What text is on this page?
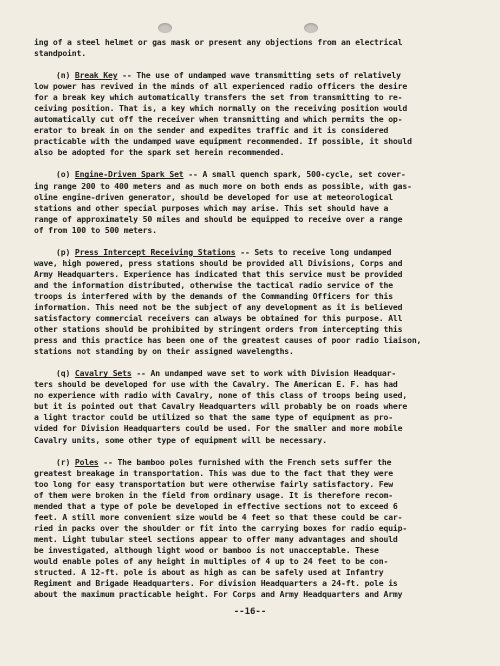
ing of a steel helmet or gas mask or present any objections from an electrical
standpoint.
(n) Break Key -- The use of undamped wave transmitting sets of relatively
low power has revived in the minds of all experienced radio officers the desire
for a break key which automatically transfers the set from transmitting to re-
ceiving position. That is, a key which normally on the receiving position would
automatically cut off the receiver when transmitting and which permits the op-
erator to break in on the sender and expedites traffic and it is considered
practicable with the undamped wave equipment recommended. If possible, it should
also be adopted for the spark set herein recommended.
(o) Engine-Driven Spark Set -- A small quench spark, 500-cycle, set cover-
ing range 200 to 400 meters and as much more on both ends as possible, with gas-
oline engine-driven generator, should be developed for use at meteorological
stations and other special purposes which may arise. This set should have a
range of approximately 50 miles and should be equipped to receive over a range
of from 100 to 500 meters.
(p) Press Intercept Receiving Stations -- Sets to receive long undamped
wave, high powered, press stations should be provided all Divisions, Corps and
Army Headquarters. Experience has indicated that this service must be provided
and the information distributed, otherwise the tactical radio service of the
troops is interfered with by the demands of the Commanding Officers for this
information. This need not be the subject of any development as it is believed
satisfactory commercial receivers can always be obtained for this purpose. All
other stations should be prohibited by stringent orders from intercepting this
press and this practice has been one of the greatest causes of poor radio liaison,
stations not standing by on their assigned wavelengths.
(q) Cavalry Sets -- An undamped wave set to work with Division Headquar-
ters should be developed for use with the Cavalry. The American E. F. has had
no experience with radio with Cavalry, none of this class of troops being used,
but it is pointed out that Cavalry Headquarters will probably be on roads where
a light tractor could be utilized so that the same type of equipment as pro-
vided for Division Headquarters could be used. For the smaller and more mobile
Cavalry units, some other type of equipment will be necessary.
(r) Poles -- The bamboo poles furnished with the French sets suffer the
greatest breakage in transportation. This was due to the fact that they were
too long for easy transportation but were otherwise fairly satisfactory. Few
of them were broken in the field from ordinary usage. It is therefore recom-
mended that a type of pole be developed in effective sections not to exceed 6
feet. A still more convenient size would be 4 feet so that these could be car-
ried in packs over the shoulder or fit into the carrying boxes for radio equip-
ment. Light tubular steel sections appear to offer many advantages and should
be investigated, although light wood or bamboo is not unacceptable. These
would enable poles of any height in multiples of 4 up to 24 feet to be con-
structed. A 12-ft. pole is about as high as can be safely used at Infantry
Regiment and Brigade Headquarters. For division Headquarters a 24-ft. pole is
about the maximum practicable height. For Corps and Army Headquarters and Army
--16--
